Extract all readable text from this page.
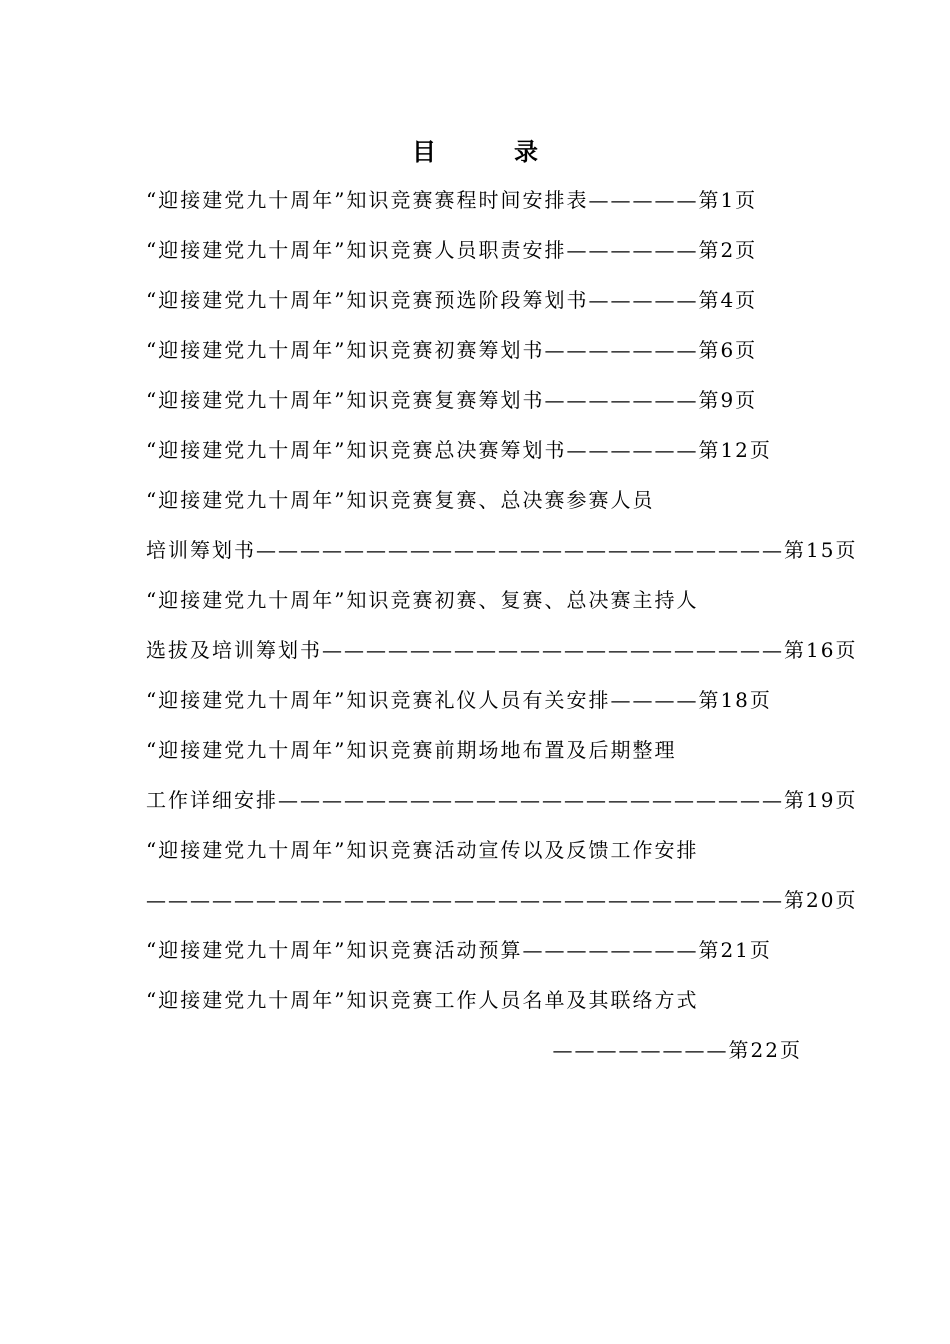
目	录
“迎接建党九十周年”知识竞赛赛程时间安排表—————第1页
“迎接建党九十周年”知识竞赛人员职责安排——————第2页
“迎接建党九十周年”知识竞赛预选阶段筹划书—————第4页
“迎接建党九十周年”知识竞赛初赛筹划书———————第6页
“迎接建党九十周年”知识竞赛复赛筹划书———————第9页
“迎接建党九十周年”知识竞赛总决赛筹划书——————第12页
“迎接建党九十周年”知识竞赛复赛、总决赛参赛人员
培训筹划书————————————————————————第15页
“迎接建党九十周年”知识竞赛初赛、复赛、总决赛主持人
选拔及培训筹划书—————————————————————第16页
“迎接建党九十周年”知识竞赛礼仪人员有关安排————第18页
“迎接建党九十周年”知识竞赛前期场地布置及后期整理
工作详细安排———————————————————————第19页
“迎接建党九十周年”知识竞赛活动宣传以及反馈工作安排
—————————————————————————————第20页
“迎接建党九十周年”知识竞赛活动预算————————第21页
“迎接建党九十周年”知识竞赛工作人员名单及其联络方式
————————第22页
